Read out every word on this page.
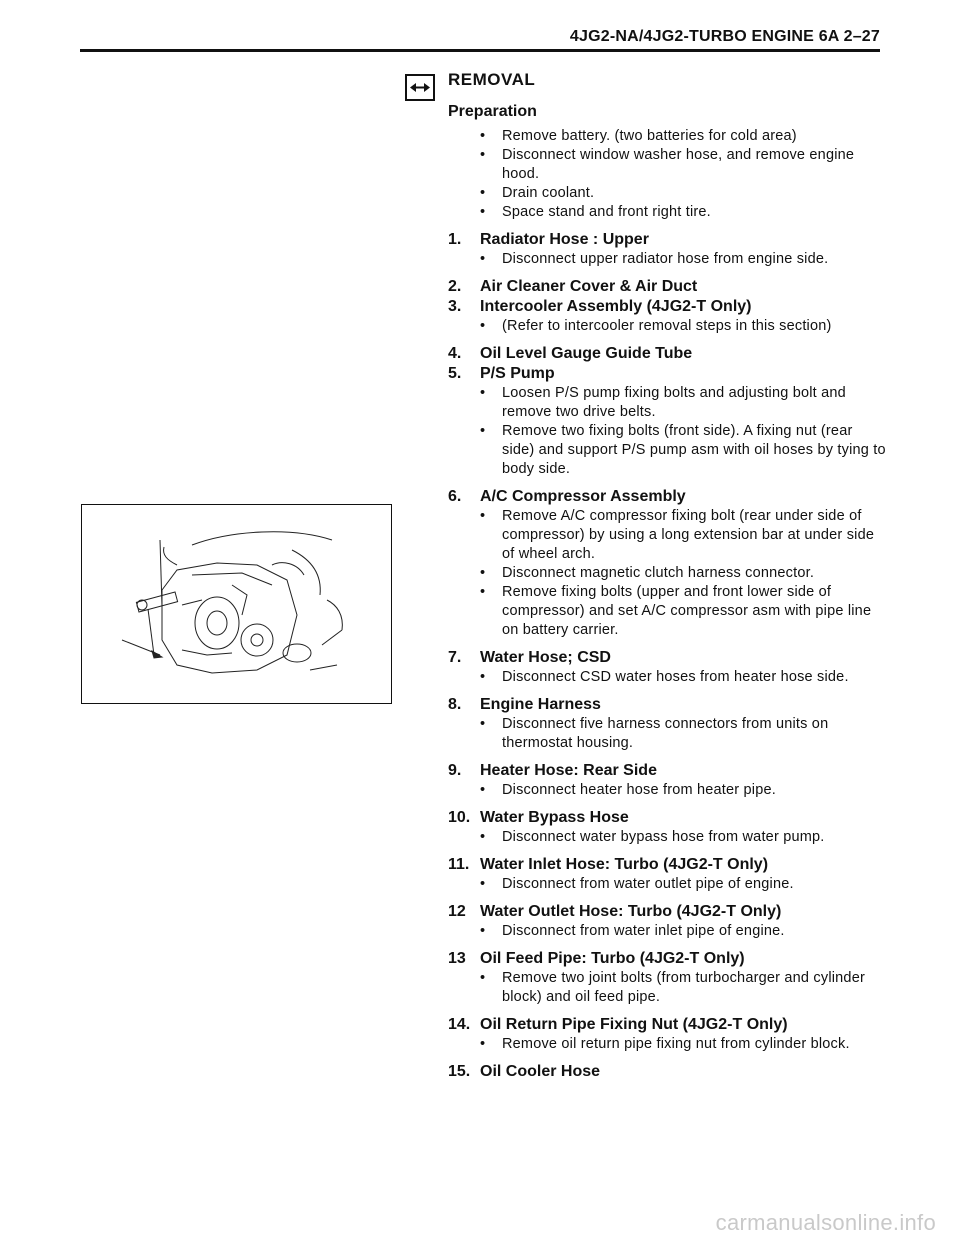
4JG2-NA/4JG2-TURBO ENGINE 6A 2–27
REMOVAL
Preparation
• Remove battery. (two batteries for cold area)
• Disconnect window washer hose, and remove engine hood.
• Drain coolant.
• Space stand and front right tire.
1.	Radiator Hose : Upper
• Disconnect upper radiator hose from engine side.
2.	Air Cleaner Cover & Air Duct
3.	Intercooler Assembly (4JG2-T Only)
• (Refer to intercooler removal steps in this section)
4.	Oil Level Gauge Guide Tube
5.	P/S Pump
• Loosen P/S pump fixing bolts and adjusting bolt and remove two drive belts.
• Remove two fixing bolts (front side). A fixing nut (rear side) and support P/S pump asm with oil hoses by tying to body side.
6.	A/C Compressor Assembly
• Remove A/C compressor fixing bolt (rear under side of compressor) by using a long extension bar at under side of wheel arch.
• Disconnect magnetic clutch harness connector.
• Remove fixing bolts (upper and front lower side of compressor) and set A/C compressor asm with pipe line on battery carrier.
7.	Water Hose; CSD
• Disconnect CSD water hoses from heater hose side.
8.	Engine Harness
• Disconnect five harness connectors from units on thermostat housing.
9.	Heater Hose: Rear Side
• Disconnect heater hose from heater pipe.
10. Water Bypass Hose
• Disconnect water bypass hose from water pump.
11. Water Inlet Hose: Turbo (4JG2-T Only)
• Disconnect from water outlet pipe of engine.
12 Water Outlet Hose: Turbo (4JG2-T Only)
• Disconnect from water inlet pipe of engine.
13 Oil Feed Pipe: Turbo (4JG2-T Only)
• Remove two joint bolts (from turbocharger and cylinder block) and oil feed pipe.
14. Oil Return Pipe Fixing Nut (4JG2-T Only)
• Remove oil return pipe fixing nut from cylinder block.
15. Oil Cooler Hose
carmanualsonline.info
